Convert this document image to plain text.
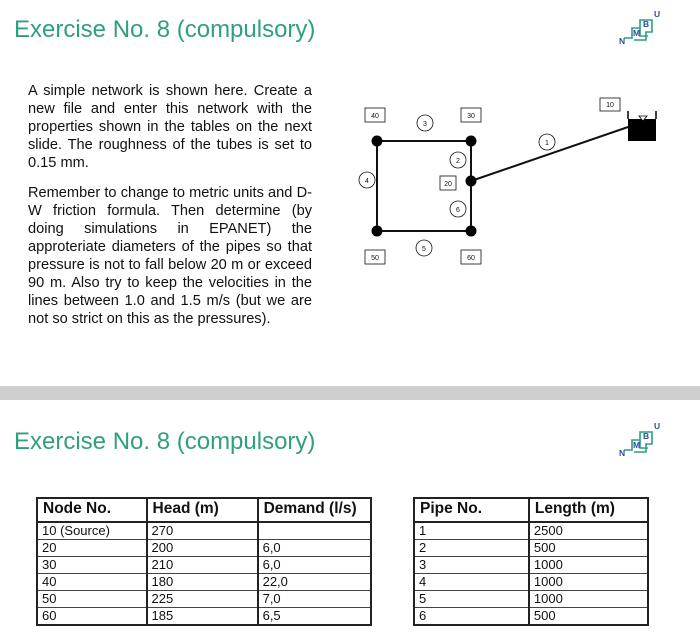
Exercise No. 8 (compulsory)	N
M
B
U

A simple network is shown here. Create a new file and enter this network with the properties shown in the tables on the next slide. The roughness of the tubes is set to 0.15 mm.

Remember to change to metric units and D-W friction formula. Then determine (by doing simulations in EPANET) the approteriate diameters of the pipes so that pressure is not to fall below 20 m or exceed 90 m. Also try to keep the velocities in the lines between 1.0 and 1.5 m/s (but we are not so strict on this as the pressures).

10
20
30
40
50	60
1
2
3
4
5
6
Exercise No. 8 (compulsory)	N
M
B
U
Node No.	Head (m)	Demand (l/s)
10 (Source)	270	
20	200	6,0
30	210	6,0
40	180	22,0
50	225	7,0
60	185	6,5
Pipe No.	Length (m)
1	2500
2	500
3	1000
4	1000
5	1000
6	500
